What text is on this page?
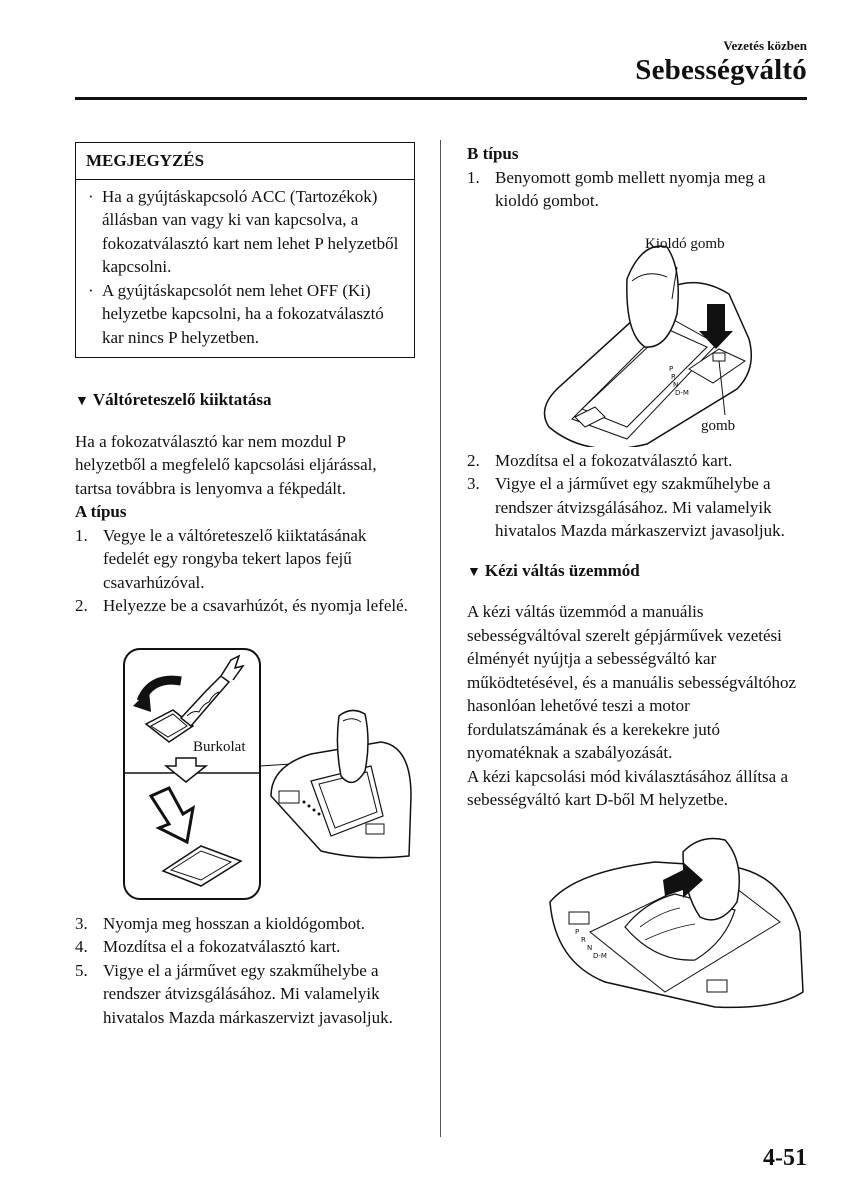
Vezetés közben
Sebességváltó
MEGJEGYZÉS
· Ha a gyújtáskapcsoló ACC (Tartozékok) állásban van vagy ki van kapcsolva, a fokozatválasztó kart nem lehet P helyzetből kapcsolni.
· A gyújtáskapcsolót nem lehet OFF (Ki) helyzetbe kapcsolni, ha a fokozatválasztó kar nincs P helyzetben.
▼ Váltóreteszelő kiiktatása

Ha a fokozatválasztó kar nem mozdul P helyzetből a megfelelő kapcsolási eljárással, tartsa továbbra is lenyomva a fékpedált.

A típus

1. Vegye le a váltóreteszelő kiiktatásának fedelét egy rongyba tekert lapos fejű csavarhúzóval.
2. Helyezze be a csavarhúzót, és nyomja lefelé.
Burkolat
3. Nyomja meg hosszan a kioldógombot.
4. Mozdítsa el a fokozatválasztó kart.
5. Vigye el a járművet egy szakműhelybe a rendszer átvizsgálásához. Mi valamelyik hivatalos Mazda márkaszervizt javasoljuk.

B típus

1. Benyomott gomb mellett nyomja meg a kioldó gombot.
P
R
N
D-M
Kioldó gomb
gomb
2. Mozdítsa el a fokozatválasztó kart.
3. Vigye el a járművet egy szakműhelybe a rendszer átvizsgálásához. Mi valamelyik hivatalos Mazda márkaszervizt javasoljuk.
▼ Kézi váltás üzemmód

A kézi váltás üzemmód a manuális sebességváltóval szerelt gépjárművek vezetési élményét nyújtja a sebességváltó kar működtetésével, és a manuális sebességváltóhoz hasonlóan lehetővé teszi a motor fordulatszámának és a kerekekre jutó nyomatéknak a szabályozását.

A kézi kapcsolási mód kiválasztásához állítsa a sebességváltó kart D-ből M helyzetbe.

P
R
N
D-M
4-51
